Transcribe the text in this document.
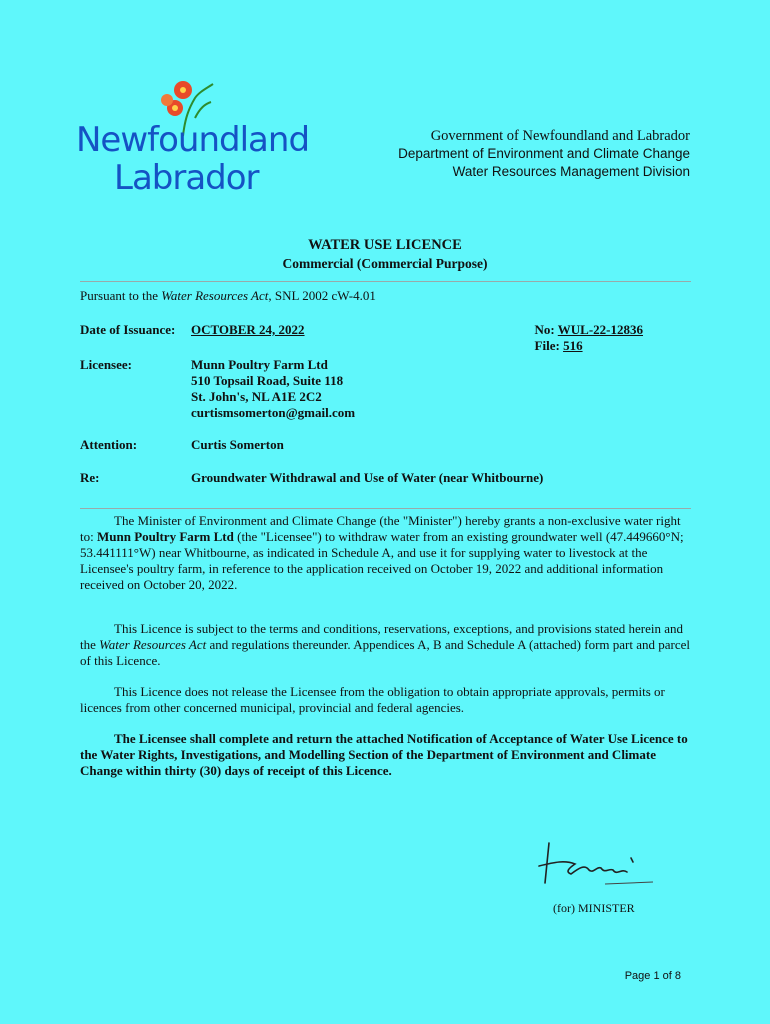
Newfoundland
Labrador
Government of Newfoundland and Labrador
Department of Environment and Climate Change
Water Resources Management Division
WATER USE LICENCE
Commercial (Commercial Purpose)
Pursuant to the Water Resources Act, SNL 2002 cW-4.01
Date of Issuance: OCTOBER 24, 2022	No: WUL-22-12836
File: 516
Licensee:	Munn Poultry Farm Ltd
510 Topsail Road, Suite 118
St. John's, NL A1E 2C2
curtismsomerton@gmail.com
Attention:	Curtis Somerton
Re:	Groundwater Withdrawal and Use of Water (near Whitbourne)

The Minister of Environment and Climate Change (the "Minister") hereby grants a non-exclusive water right to: Munn Poultry Farm Ltd (the "Licensee") to withdraw water from an existing groundwater well (47.449660°N; 53.441111°W) near Whitbourne, as indicated in Schedule A, and use it for supplying water to livestock at the Licensee's poultry farm, in reference to the application received on October 19, 2022 and additional information received on October 20, 2022.

This Licence is subject to the terms and conditions, reservations, exceptions, and provisions stated herein and the Water Resources Act and regulations thereunder. Appendices A, B and Schedule A (attached) form part and parcel of this Licence.

This Licence does not release the Licensee from the obligation to obtain appropriate approvals, permits or licences from other concerned municipal, provincial and federal agencies.

The Licensee shall complete and return the attached Notification of Acceptance of Water Use Licence to the Water Rights, Investigations, and Modelling Section of the Department of Environment and Climate Change within thirty (30) days of receipt of this Licence.

(for) MINISTER
Page 1 of 8
